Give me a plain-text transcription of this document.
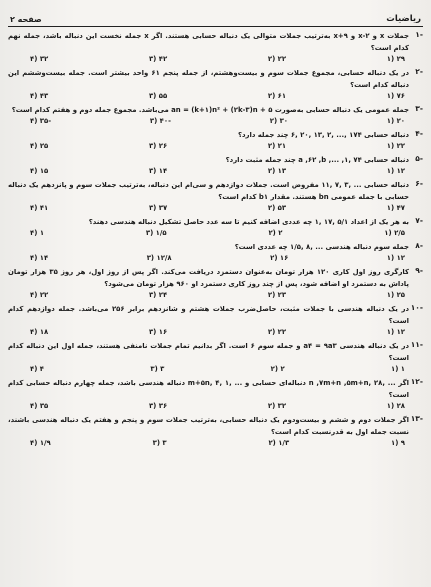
ریاضیات
صفحه ۲
-۱
جملات x و x-۲ و x+۹ به‌ترتیب جملات متوالی یک دنباله حسابی هستند. اگر x جمله نخست این دنباله باشد، جمله نهم کدام است؟
۲۹ (۱
۲۲ (۲
۴۲ (۳
۳۲ (۴
-۲
در یک دنباله حسابی، مجموع جملات سوم و بیست‌وهشتم، از جمله پنجم ۶۱ واحد بیشتر است. جمله بیست‌وششم این دنباله کدام است؟
۷۶ (۱
۶۱ (۲
۵۵ (۳
۴۳ (۴
-۳
جمله عمومی یک دنباله حسابی به‌صورت an = (k+۱)n² + (۲k-۳)n + ۵ می‌باشد. مجموع جمله دوم و هفتم کدام است؟
۲۰ (۱
۳۰ (۲
-۴۰ (۳
-۳۵ (۴
-۴
دنباله حسابی ۱۷۴ ,... ,۲ ,۱۳ ,۲۰ ,۶ چند جمله دارد؟
۲۲ (۱
۲۱ (۲
۲۶ (۳
۲۵ (۴
-۵
دنباله حسابی ۷۴ ,a ,۶۲ ,b ,... ,۱ چند جمله مثبت دارد؟
۱۲ (۱
۱۳ (۲
۱۴ (۳
۱۵ (۴
-۶
دنباله حسابی ... ,۳ ,۷ ,۱۱ مفروض است. جملات دوازدهم و سی‌ام این دنباله، به‌ترتیب جملات سوم و پانزدهم یک دنباله حسابی با جمله عمومی bn هستند. مقدار b۱ کدام است؟
۴۷ (۱
۵۳ (۲
۳۷ (۳
۴۱ (۴
-۷
به هر یک از اعداد ۵/۱ ,۱۷ ,۱ چه عددی اضافه کنیم تا سه عدد حاصل تشکیل دنباله هندسی دهند؟
۲/۵ (۱
۲ (۲
۱/۵ (۳
۱ (۴
-۸
جمله سوم دنباله هندسی ... ,۸ ,۱/۵ چه عددی است؟
۱۲ (۱
۱۶ (۲
۱۲/۸ (۳
۱۴ (۴
-۹
کارگری روز اول کاری ۱۲۰ هزار تومان به‌عنوان دستمزد دریافت می‌کند. اگر پس از روز اول، هر روز ۳۵ هزار تومان پاداش به دستمزد او اضافه شود، پس از چند روز کاری دستمزد او ۹۶۰ هزار تومان می‌شود؟
۲۵ (۱
۲۳ (۲
۲۴ (۳
۲۲ (۴
-۱۰
در یک دنباله هندسی با جملات مثبت، حاصل‌ضرب جملات هشتم و شانزدهم برابر ۲۵۶ می‌باشد. جمله دوازدهم کدام است؟
۱۲ (۱
۲۲ (۲
۱۶ (۳
۱۸ (۴
-۱۱
در یک دنباله هندسی a۴ = ۹a۳ و جمله سوم ۶ است. اگر بدانیم تمام جملات نامنفی هستند، جمله اول این دنباله کدام است؟
۱ (۱
۲ (۲
۳ (۳
۴ (۴
-۱۲
اگر ... ,۲۸ ,n ,۷m+n ,۵m+n دنباله‌ای حسابی و ... ,۱ ,۴ ,m+۵n دنباله هندسی باشد، جمله چهارم دنباله حسابی کدام است؟
۲۸ (۱
۳۲ (۲
۳۶ (۳
۳۵ (۴
-۱۳
اگر جملات دوم و ششم و بیست‌ودوم یک دنباله حسابی، به‌ترتیب جملات سوم و پنجم و هفتم یک دنباله هندسی باشند، نسبت جمله اول به قدرنسبت کدام است؟
۹ (۱
۱/۳ (۲
۳ (۳
۱/۹ (۴
